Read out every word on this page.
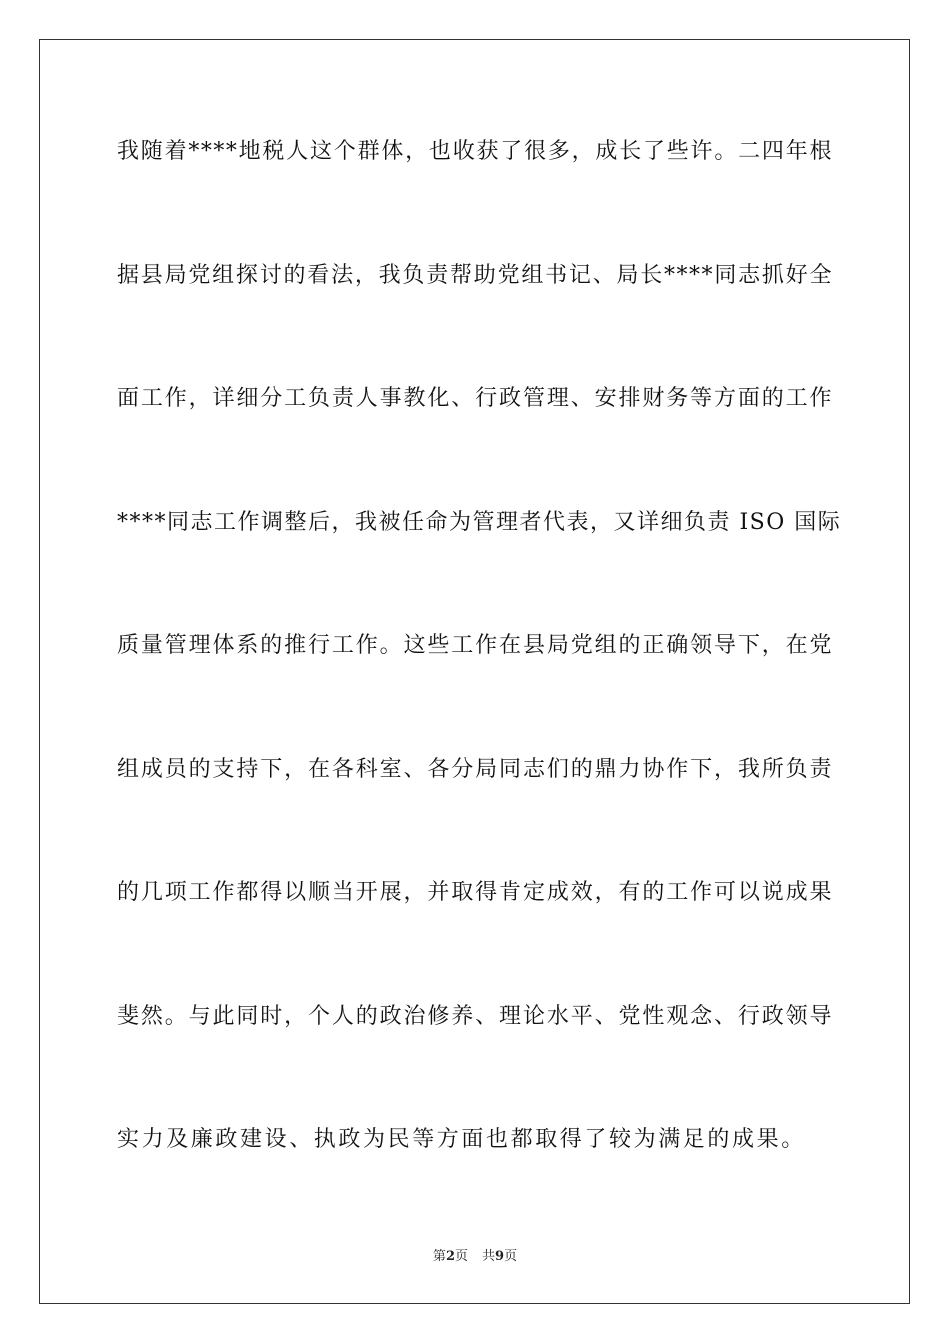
我随着****地税人这个群体，也收获了很多，成长了些许。二四年根
据县局党组探讨的看法，我负责帮助党组书记、局长****同志抓好全
面工作，详细分工负责人事教化、行政管理、安排财务等方面的工作
****同志工作调整后，我被任命为管理者代表，又详细负责 ISO 国际
质量管理体系的推行工作。这些工作在县局党组的正确领导下，在党
组成员的支持下，在各科室、各分局同志们的鼎力协作下，我所负责
的几项工作都得以顺当开展，并取得肯定成效，有的工作可以说成果
斐然。与此同时，个人的政治修养、理论水平、党性观念、行政领导
实力及廉政建设、执政为民等方面也都取得了较为满足的成果。
第2页 共9页
